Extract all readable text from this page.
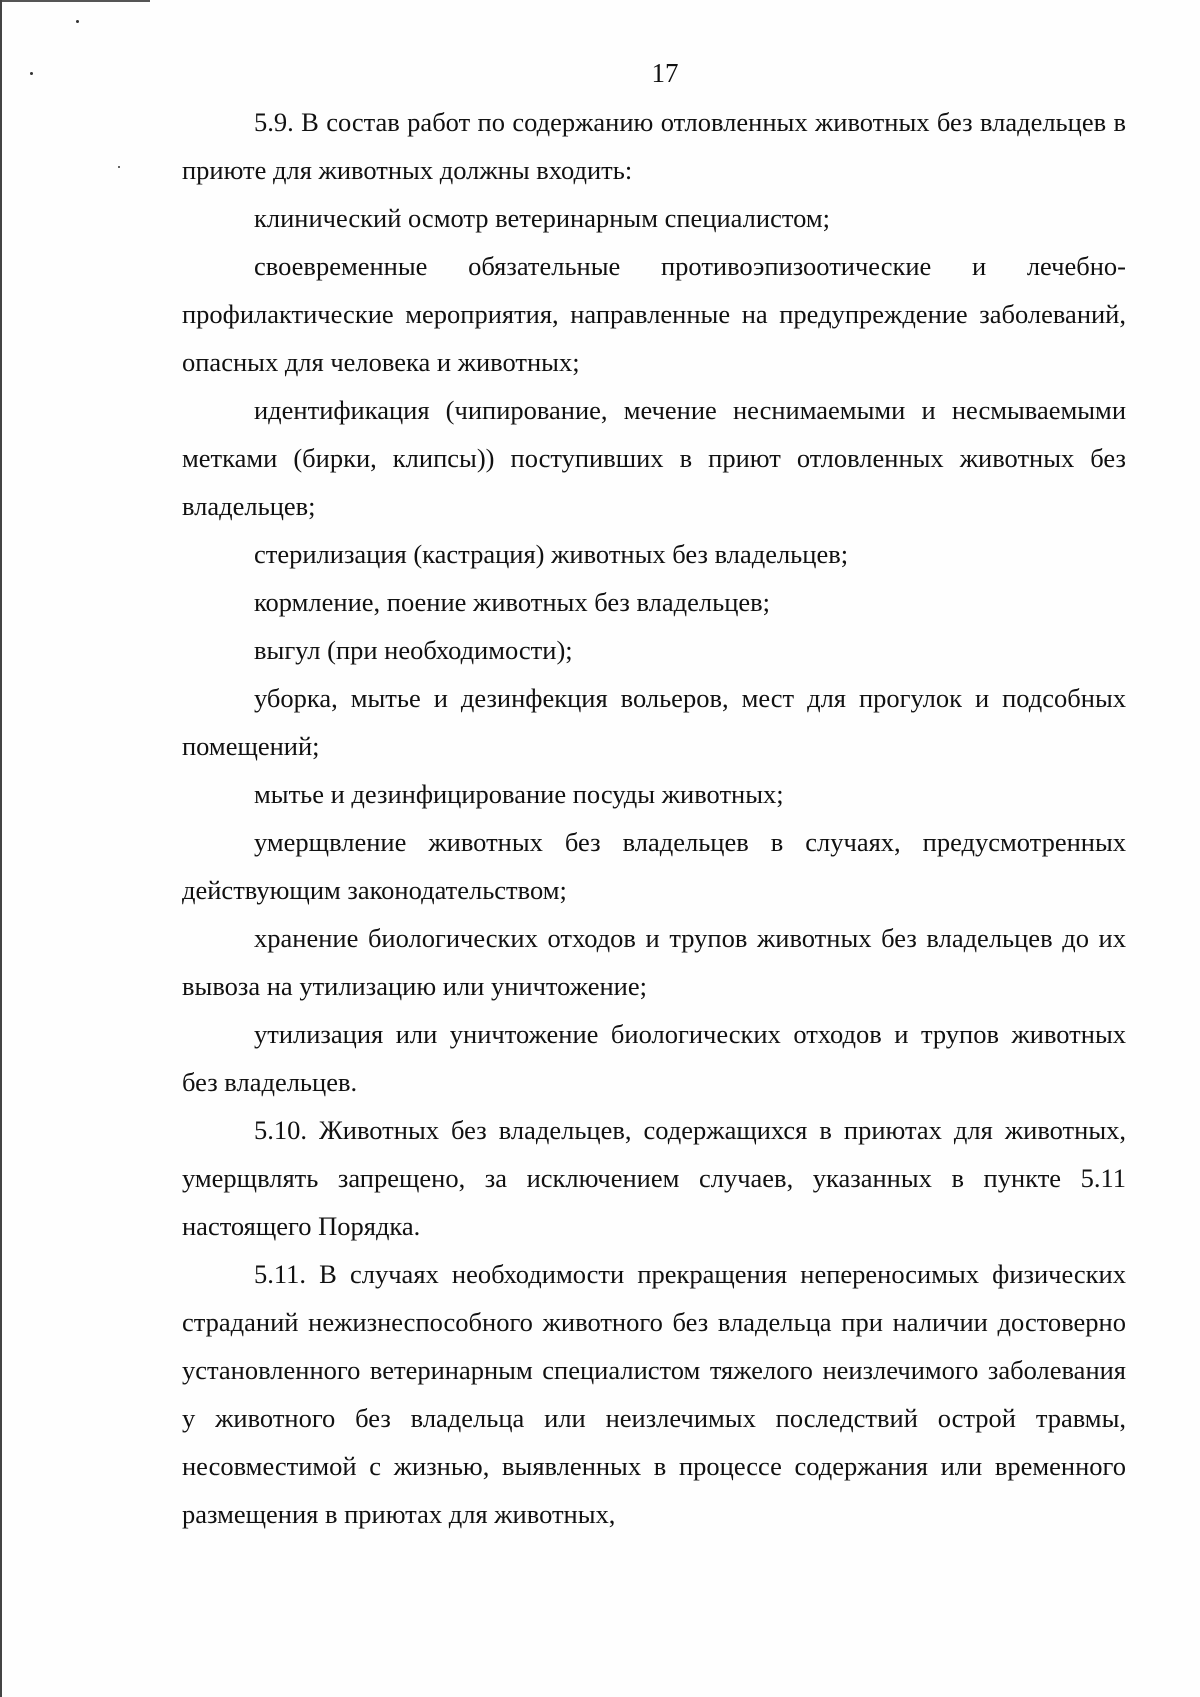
17

5.9. В состав работ по содержанию отловленных животных без владельцев в приюте для животных должны входить:

клинический осмотр ветеринарным специалистом;

своевременные обязательные противоэпизоотические и лечебно-профилактические мероприятия, направленные на предупреждение заболеваний, опасных для человека и животных;

идентификация (чипирование, мечение неснимаемыми и несмываемыми метками (бирки, клипсы)) поступивших в приют отловленных животных без владельцев;

стерилизация (кастрация) животных без владельцев;

кормление, поение животных без владельцев;

выгул (при необходимости);

уборка, мытье и дезинфекция вольеров, мест для прогулок и подсобных помещений;

мытье и дезинфицирование посуды животных;

умерщвление животных без владельцев в случаях, предусмотренных действующим законодательством;

хранение биологических отходов и трупов животных без владельцев до их вывоза на утилизацию или уничтожение;

утилизация или уничтожение биологических отходов и трупов животных без владельцев.

5.10. Животных без владельцев, содержащихся в приютах для животных, умерщвлять запрещено, за исключением случаев, указанных в пункте 5.11 настоящего Порядка.

5.11. В случаях необходимости прекращения непереносимых физических страданий нежизнеспособного животного без владельца при наличии достоверно установленного ветеринарным специалистом тяжелого неизлечимого заболевания у животного без владельца или неизлечимых последствий острой травмы, несовместимой с жизнью, выявленных в процессе содержания или временного размещения в приютах для животных,
